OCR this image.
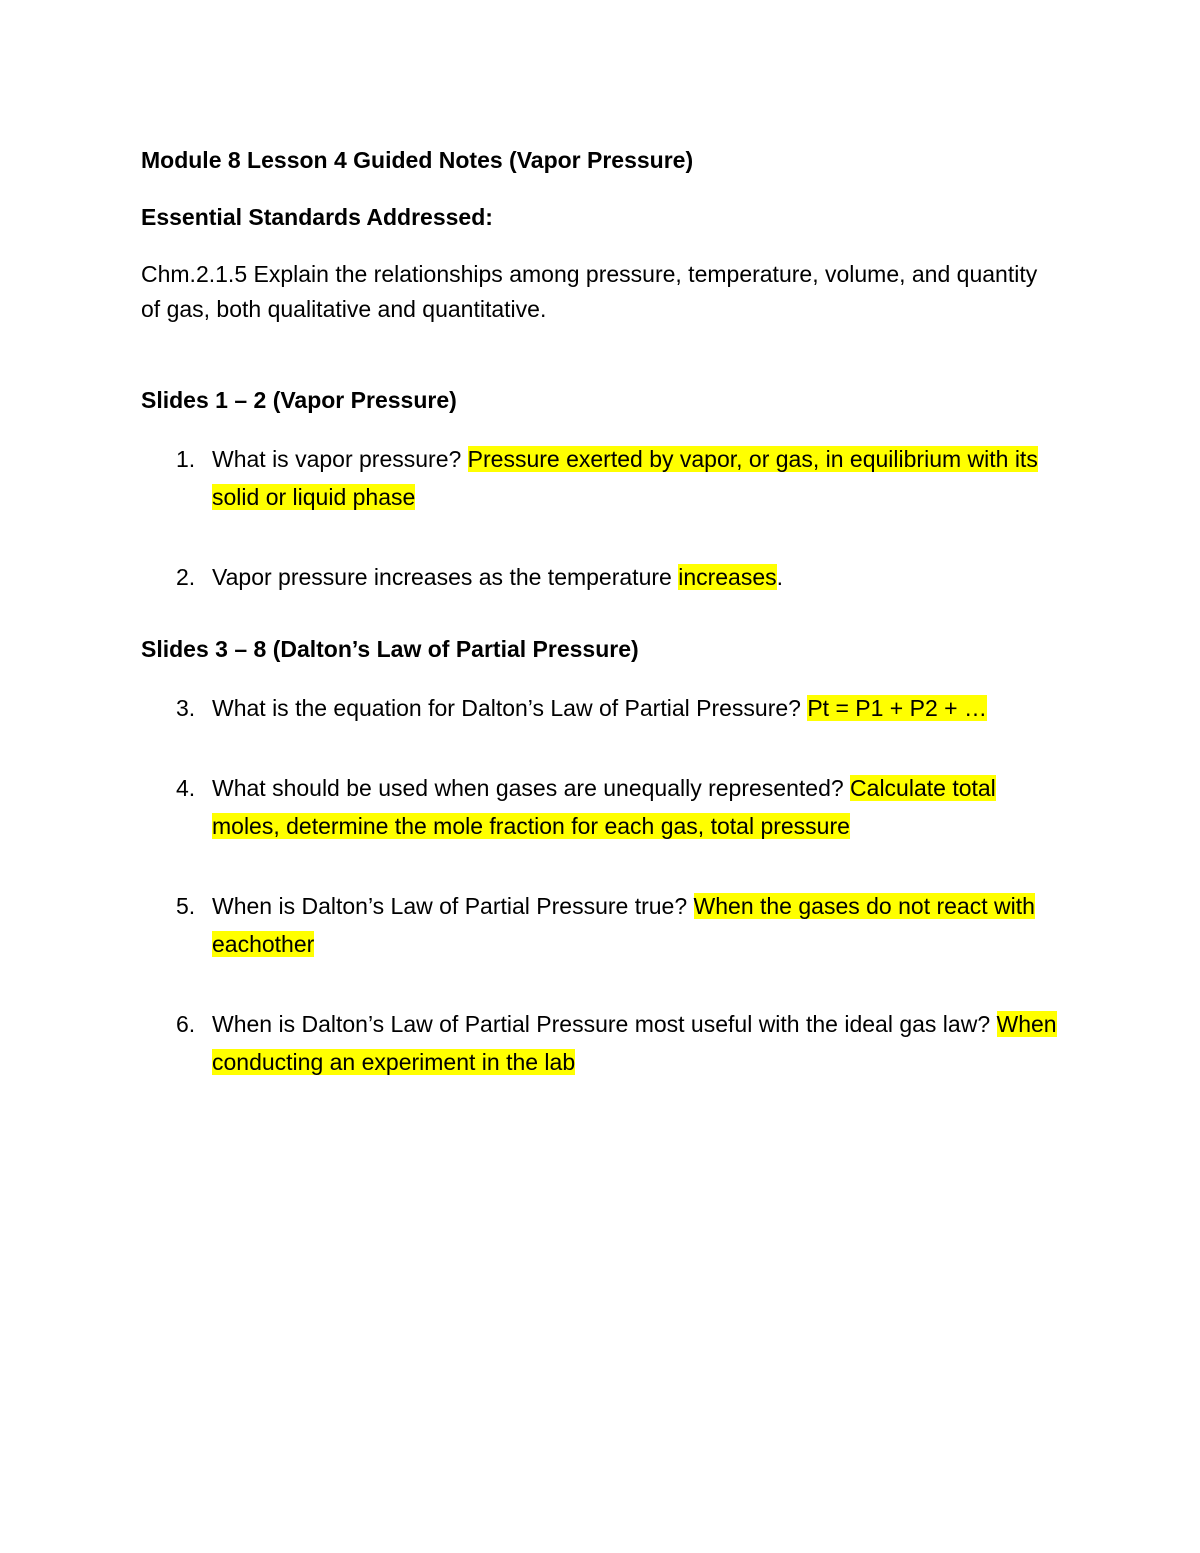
Module 8 Lesson 4 Guided Notes (Vapor Pressure)
Essential Standards Addressed:
Chm.2.1.5 Explain the relationships among pressure, temperature, volume, and quantity of gas, both qualitative and quantitative.
Slides 1 – 2 (Vapor Pressure)
1. What is vapor pressure? Pressure exerted by vapor, or gas, in equilibrium with its solid or liquid phase
2. Vapor pressure increases as the temperature increases.
Slides 3 – 8 (Dalton’s Law of Partial Pressure)
3. What is the equation for Dalton’s Law of Partial Pressure? Pt = P1 + P2 + …
4. What should be used when gases are unequally represented? Calculate total moles, determine the mole fraction for each gas, total pressure
5. When is Dalton’s Law of Partial Pressure true? When the gases do not react with eachother
6. When is Dalton’s Law of Partial Pressure most useful with the ideal gas law? When conducting an experiment in the lab
